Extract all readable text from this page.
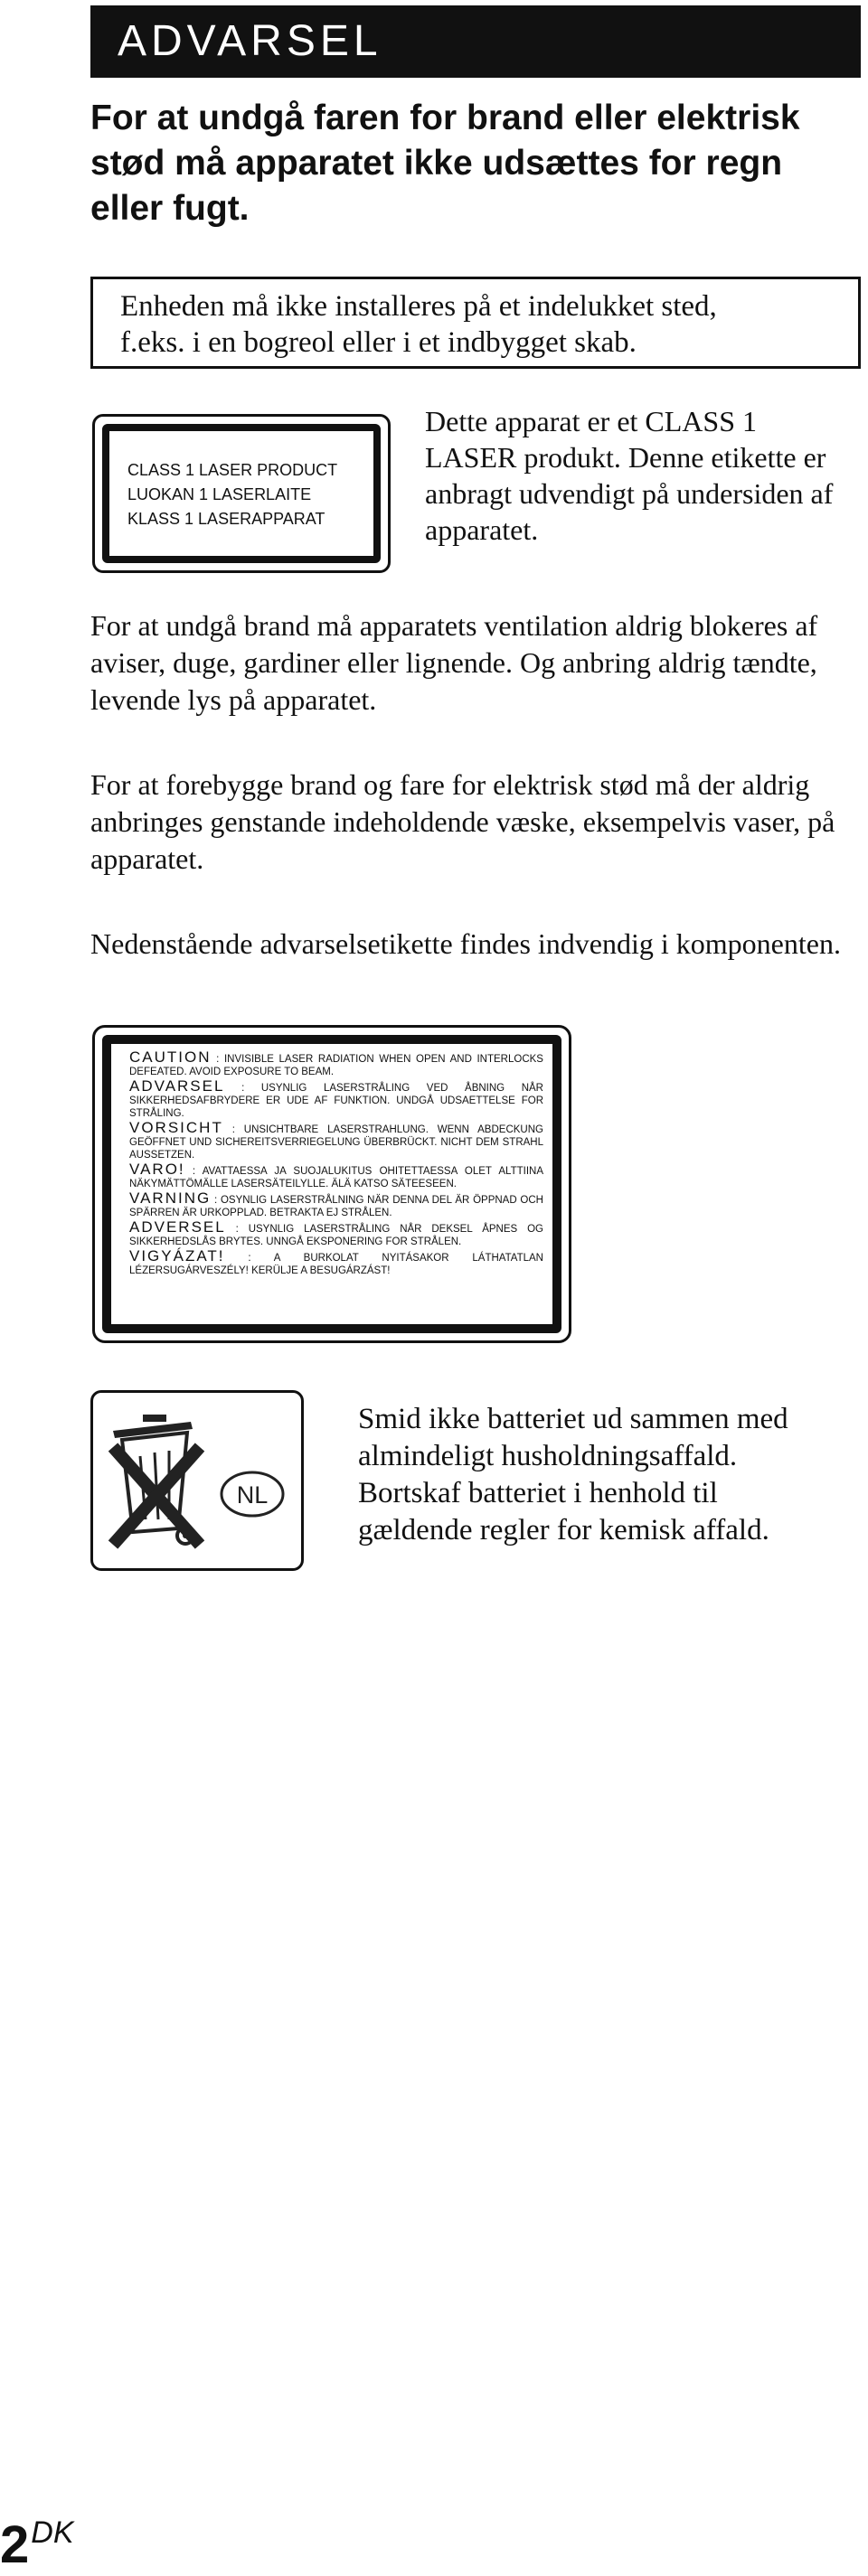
ADVARSEL
For at undgå faren for brand eller elektrisk stød må apparatet ikke udsættes for regn eller fugt.
Enheden må ikke installeres på et indelukket sted,
f.eks. i en bogreol eller i et indbygget skab.
CLASS 1 LASER PRODUCT
LUOKAN 1 LASERLAITE
KLASS 1 LASERAPPARAT
Dette apparat er et CLASS 1 LASER produkt. Denne etikette er anbragt udvendigt på undersiden af apparatet.
For at undgå brand må apparatets ventilation aldrig blokeres af aviser, duge, gardiner eller lignende. Og anbring aldrig tændte, levende lys på apparatet.
For at forebygge brand og fare for elektrisk stød må der aldrig anbringes genstande indeholdende væske, eksempelvis vaser, på apparatet.
Nedenstående advarselsetikette findes indvendig i komponenten.
CAUTION : INVISIBLE LASER RADIATION WHEN OPEN AND INTERLOCKS DEFEATED. AVOID EXPOSURE TO BEAM.
ADVARSEL : USYNLIG LASERSTRÅLING VED ÅBNING NÅR SIKKERHEDSAFBRYDERE ER UDE AF FUNKTION. UNDGÅ UDSAETTELSE FOR STRÅLING.
VORSICHT : UNSICHTBARE LASERSTRAHLUNG. WENN ABDECKUNG GEÖFFNET UND SICHEREITSVERRIEGELUNG ÜBERBRÜCKT. NICHT DEM STRAHL AUSSETZEN.
VARO! : AVATTAESSA JA SUOJALUKITUS OHITETTAESSA OLET ALTTIINA NÄKYMÄTTÖMÄLLE LASERSÄTEILYLLE. ÄLÄ KATSO SÄTEESEEN.
VARNING : OSYNLIG LASERSTRÅLNING NÄR DENNA DEL ÄR ÖPPNAD OCH SPÄRREN ÄR URKOPPLAD. BETRAKTA EJ STRÅLEN.
ADVERSEL : USYNLIG LASERSTRÅLING NÅR DEKSEL ÅPNES OG SIKKERHEDSLÅS BRYTES. UNNGÅ EKSPONERING FOR STRÅLEN.
VIGYÁZAT! : A BURKOLAT NYITÁSAKOR LÁTHATATLAN LÉZERSUGÁRVESZÉLY! KERÜLJE A BESUGÁRZÁST!
NL
Smid ikke batteriet ud sammen med almindeligt husholdningsaffald. Bortskaf batteriet i henhold til gældende regler for kemisk affald.
$2^{DK}$
